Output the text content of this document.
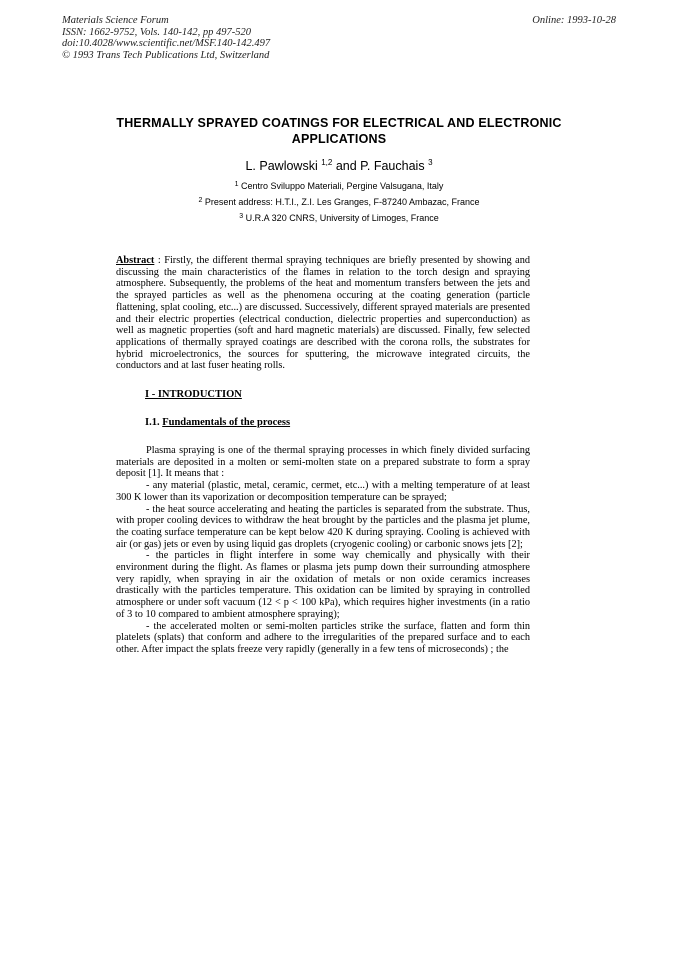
Materials Science Forum
ISSN: 1662-9752, Vols. 140-142, pp 497-520
doi:10.4028/www.scientific.net/MSF.140-142.497
© 1993 Trans Tech Publications Ltd, Switzerland
Online: 1993-10-28
THERMALLY SPRAYED COATINGS FOR ELECTRICAL AND ELECTRONIC APPLICATIONS
L. Pawlowski $^{1,2}$ and P. Fauchais $^3$
$^1$ Centro Sviluppo Materiali, Pergine Valsugana, Italy
$^2$ Present address: H.T.I., Z.I. Les Granges, F-87240 Ambazac, France
$^3$ U.R.A 320 CNRS, University of Limoges, France
Abstract : Firstly, the different thermal spraying techniques are briefly presented by showing and discussing the main characteristics of the flames in relation to the torch design and spraying atmosphere. Subsequently, the problems of the heat and momentum transfers between the jets and the sprayed particles as well as the phenomena occuring at the coating generation (particle flattening, splat cooling, etc...) are discussed. Successively, different sprayed materials are presented and their electric properties (electrical conduction, dielectric properties and superconduction) as well as magnetic properties (soft and hard magnetic materials) are discussed. Finally, few selected applications of thermally sprayed coatings are described with the corona rolls, the substrates for hybrid microelectronics, the sources for sputtering, the microwave integrated circuits, the conductors and at last fuser heating rolls.
I - INTRODUCTION
I.1. Fundamentals of the process

Plasma spraying is one of the thermal spraying processes in which finely divided surfacing materials are deposited in a molten or semi-molten state on a prepared substrate to form a spray deposit [1]. It means that :

- any material (plastic, metal, ceramic, cermet, etc...) with a melting temperature of at least 300 K lower than its vaporization or decomposition temperature can be sprayed;

- the heat source accelerating and heating the particles is separated from the substrate. Thus, with proper cooling devices to withdraw the heat brought by the particles and the plasma jet plume, the coating surface temperature can be kept below 420 K during spraying. Cooling is achieved with air (or gas) jets or even by using liquid gas droplets (cryogenic cooling) or carbonic snows jets [2];

- the particles in flight interfere in some way chemically and physically with their environment during the flight. As flames or plasma jets pump down their surrounding atmosphere very rapidly, when spraying in air the oxidation of metals or non oxide ceramics increases drastically with the particles temperature. This oxidation can be limited by spraying in controlled atmosphere or under soft vacuum (12 < p < 100 kPa), which requires higher investments (in a ratio of 3 to 10 compared to ambient atmosphere spraying);

- the accelerated molten or semi-molten particles strike the surface, flatten and form thin platelets (splats) that conform and adhere to the irregularities of the prepared surface and to each other. After impact the splats freeze very rapidly (generally in a few tens of microseconds) ; the
